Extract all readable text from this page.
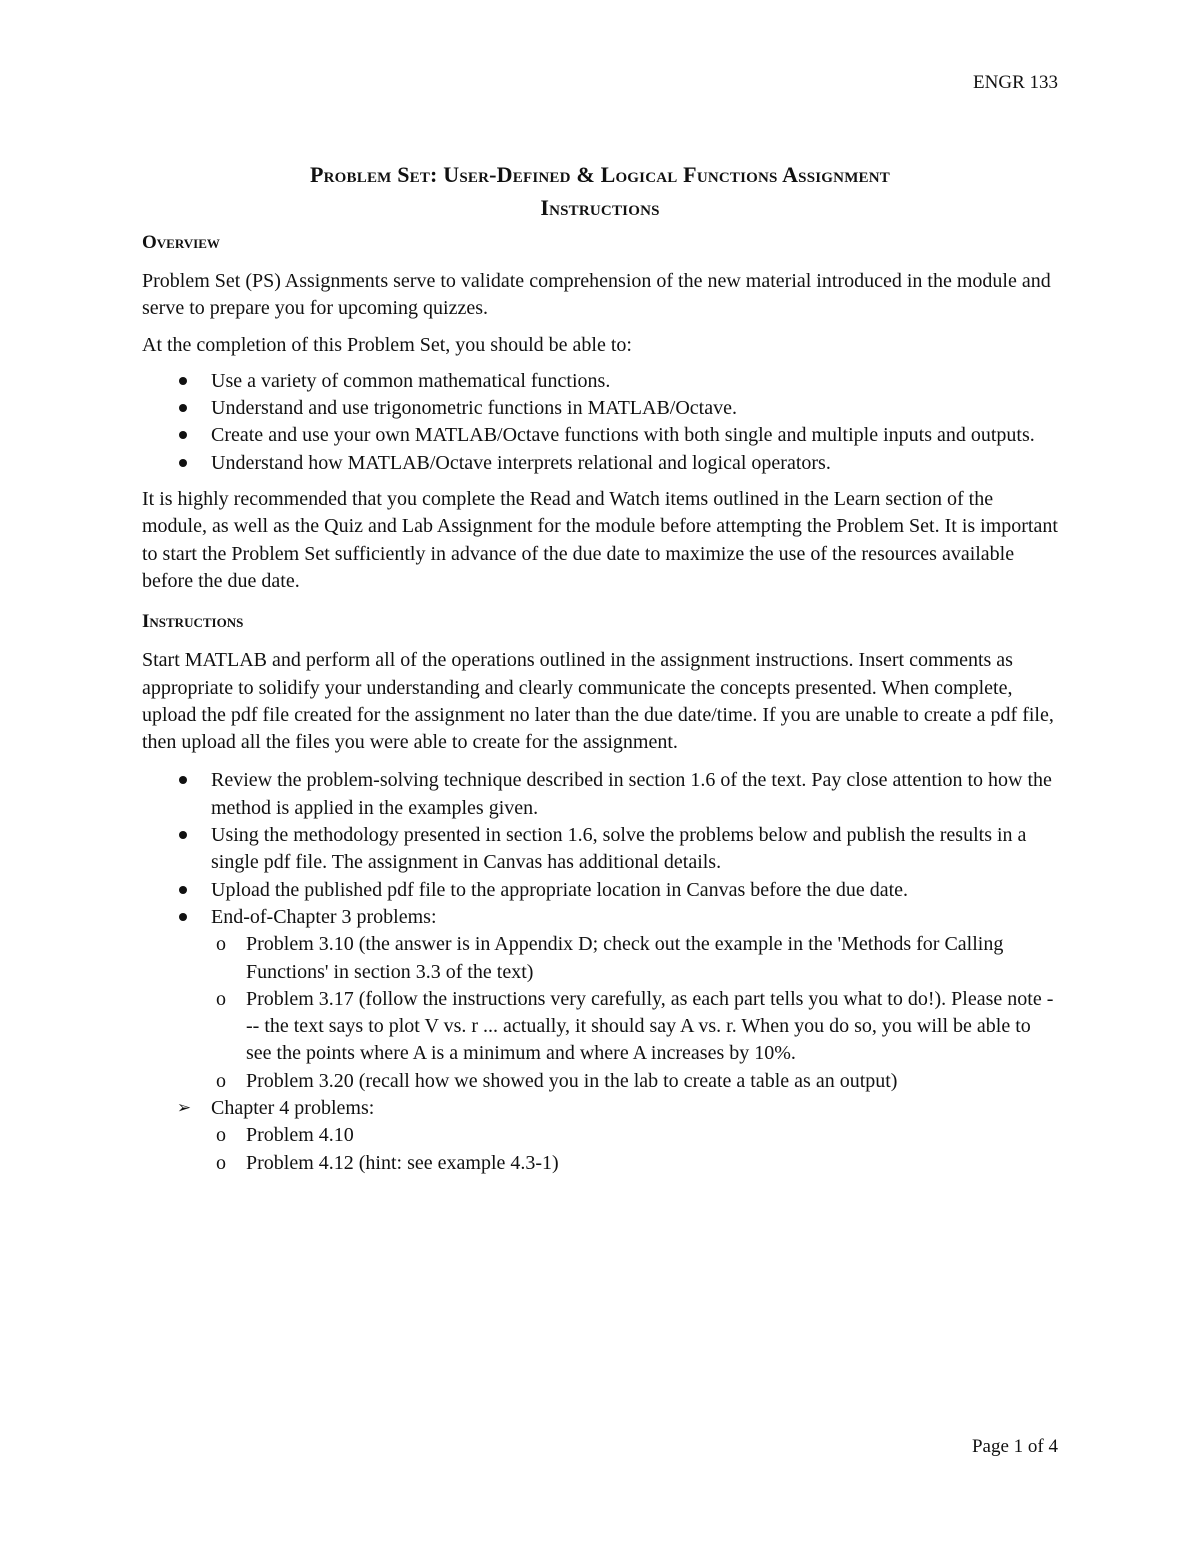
ENGR 133
Problem Set: User-Defined & Logical Functions Assignment
Instructions
Overview

Problem Set (PS) Assignments serve to validate comprehension of the new material introduced in the module and serve to prepare you for upcoming quizzes.

At the completion of this Problem Set, you should be able to:

Use a variety of common mathematical functions.
Understand and use trigonometric functions in MATLAB/Octave.
Create and use your own MATLAB/Octave functions with both single and multiple inputs and outputs.
Understand how MATLAB/Octave interprets relational and logical operators.

It is highly recommended that you complete the Read and Watch items outlined in the Learn section of the module, as well as the Quiz and Lab Assignment for the module before attempting the Problem Set. It is important to start the Problem Set sufficiently in advance of the due date to maximize the use of the resources available before the due date.

Instructions

Start MATLAB and perform all of the operations outlined in the assignment instructions. Insert comments as appropriate to solidify your understanding and clearly communicate the concepts presented. When complete, upload the pdf file created for the assignment no later than the due date/time. If you are unable to create a pdf file, then upload all the files you were able to create for the assignment.

Review the problem-solving technique described in section 1.6 of the text. Pay close attention to how the method is applied in the examples given.
Using the methodology presented in section 1.6, solve the problems below and publish the results in a single pdf file. The assignment in Canvas has additional details.
Upload the published pdf file to the appropriate location in Canvas before the due date.
End-of-Chapter 3 problems:
o Problem 3.10 (the answer is in Appendix D; check out the example in the 'Methods for Calling Functions' in section 3.3 of the text)
o Problem 3.17 (follow the instructions very carefully, as each part tells you what to do!). Please note --- the text says to plot V vs. r ... actually, it should say A vs. r. When you do so, you will be able to see the points where A is a minimum and where A increases by 10%.
o Problem 3.20 (recall how we showed you in the lab to create a table as an output)
➢ Chapter 4 problems:
o Problem 4.10
o Problem 4.12 (hint: see example 4.3-1)
Page 1 of 4
